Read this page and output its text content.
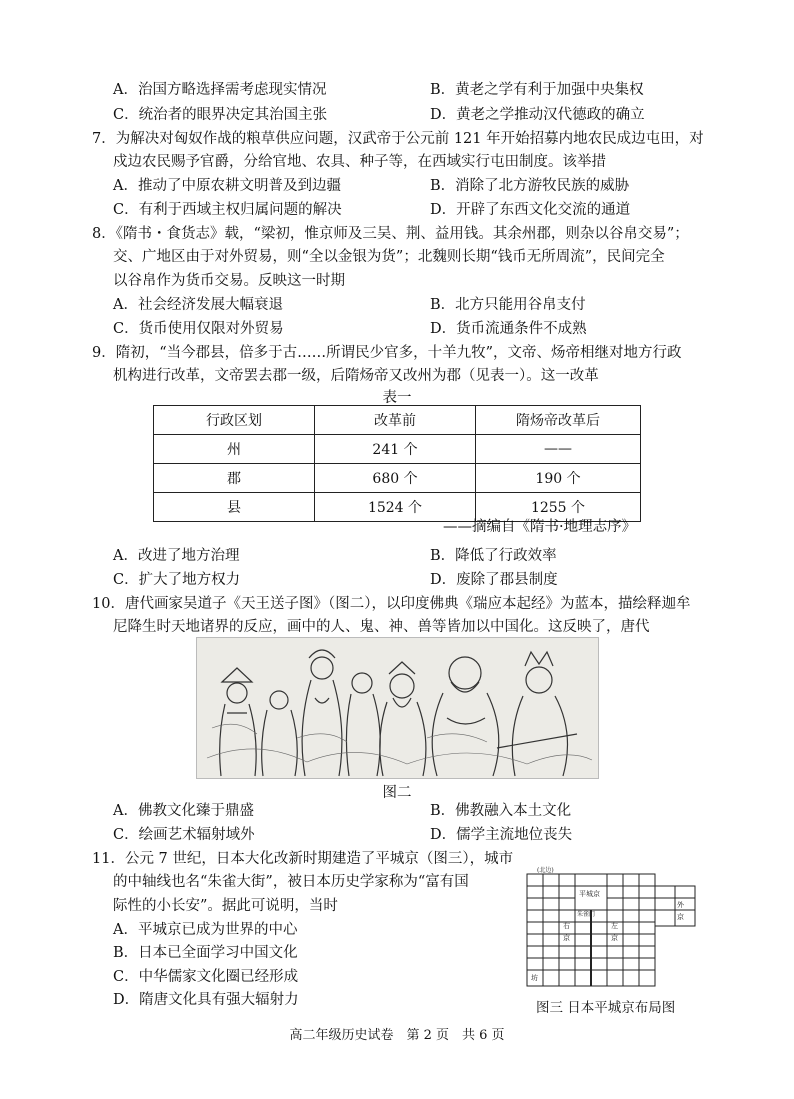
A．治国方略选择需考虑现实情况	B．黄老之学有利于加强中央集权
C．统治者的眼界决定其治国主张	D．黄老之学推动汉代德政的确立
7．为解决对匈奴作战的粮草供应问题，汉武帝于公元前 121 年开始招募内地农民成边屯田，对
戍边农民赐予官爵，分给官地、农具、种子等，在西域实行屯田制度。该举措
A．推动了中原农耕文明普及到边疆	B．消除了北方游牧民族的威胁
C．有利于西域主权归属问题的解决	D．开辟了东西文化交流的通道
8．《隋书・食货志》载，“梁初，惟京师及三吴、荆、益用钱。其余州郡，则杂以谷帛交易”；
交、广地区由于对外贸易，则“全以金银为货”；北魏则长期“钱币无所周流”，民间完全
以谷帛作为货币交易。反映这一时期
A．社会经济发展大幅衰退	B．北方只能用谷帛支付
C．货币使用仅限对外贸易	D．货币流通条件不成熟
9．隋初，“当今郡县，倍多于古……所谓民少官多，十羊九牧”，文帝、炀帝相继对地方行政
机构进行改革，文帝罢去郡一级，后隋炀帝又改州为郡（见表一）。这一改革
表一
行政区划	改革前	隋炀帝改革后
州	241 个	——
郡	680 个	190 个
县	1524 个	1255 个
——摘编自《隋书·地理志序》
A．改进了地方治理	B．降低了行政效率
C．扩大了地方权力	D．废除了郡县制度
10．唐代画家吴道子《天王送子图》（图二），以印度佛典《瑞应本起经》为蓝本，描绘释迦牟
尼降生时天地诸界的反应，画中的人、鬼、神、兽等皆加以中国化。这反映了，唐代
图二
A．佛教文化臻于鼎盛	B．佛教融入本土文化
C．绘画艺术辐射域外	D．儒学主流地位丧失
11．公元 7 世纪，日本大化改新时期建造了平城京（图三），城市
的中轴线也名“朱雀大街”，被日本历史学家称为“富有国
际性的小长安”。据此可说明，当时
A．平城京已成为世界的中心
B．日本已全面学习中国文化
C．中华儒家文化圈已经形成
D．隋唐文化具有强大辐射力
(北边)
平城京
朱雀门
右
京
左
京
外
京
坊
图三 日本平城京布局图
高二年级历史试卷　第 2 页　共 6 页
